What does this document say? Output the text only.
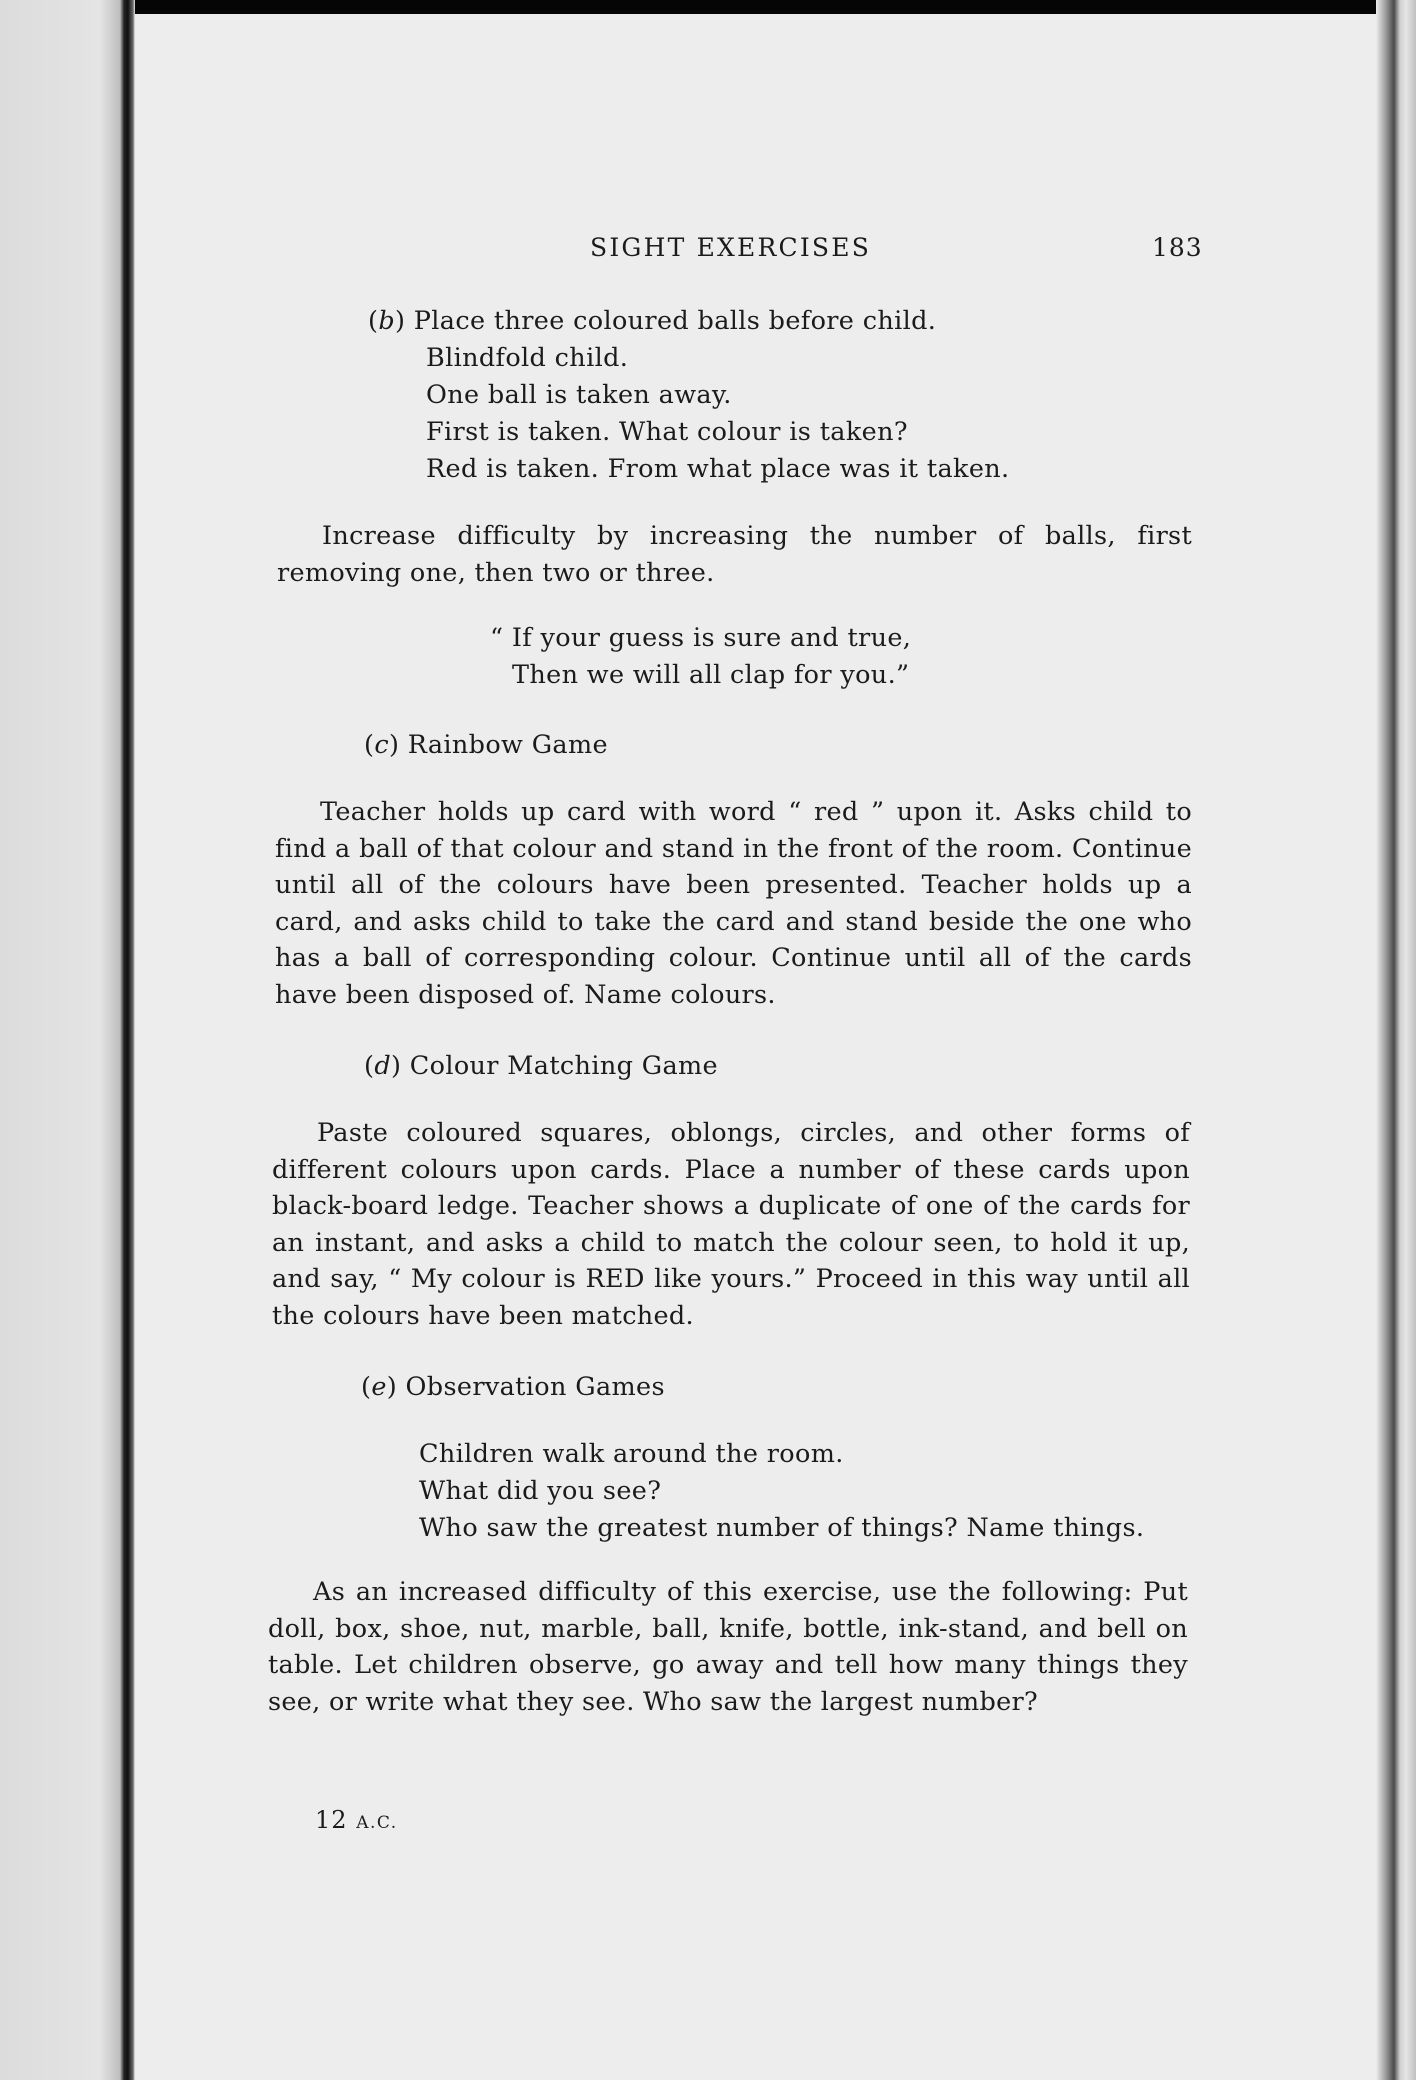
SIGHT EXERCISES	183
(b) Place three coloured balls before child.
Blindfold child.
One ball is taken away.
First is taken. What colour is taken?
Red is taken. From what place was it taken.
Increase difficulty by increasing the number of balls, first removing one, then two or three.
“ If your guess is sure and true,
Then we will all clap for you.”
(c) Rainbow Game
Teacher holds up card with word “ red ” upon it. Asks child to find a ball of that colour and stand in the front of the room. Continue until all of the colours have been presented. Teacher holds up a card, and asks child to take the card and stand beside the one who has a ball of corresponding colour. Continue until all of the cards have been disposed of. Name colours.
(d) Colour Matching Game
Paste coloured squares, oblongs, circles, and other forms of different colours upon cards. Place a number of these cards upon black-board ledge. Teacher shows a duplicate of one of the cards for an instant, and asks a child to match the colour seen, to hold it up, and say, “ My colour is RED like yours.” Proceed in this way until all the colours have been matched.
(e) Observation Games
Children walk around the room.
What did you see?
Who saw the greatest number of things? Name things.
As an increased difficulty of this exercise, use the following: Put doll, box, shoe, nut, marble, ball, knife, bottle, ink-stand, and bell on table. Let children observe, go away and tell how many things they see, or write what they see. Who saw the largest number?
12 A.C.
